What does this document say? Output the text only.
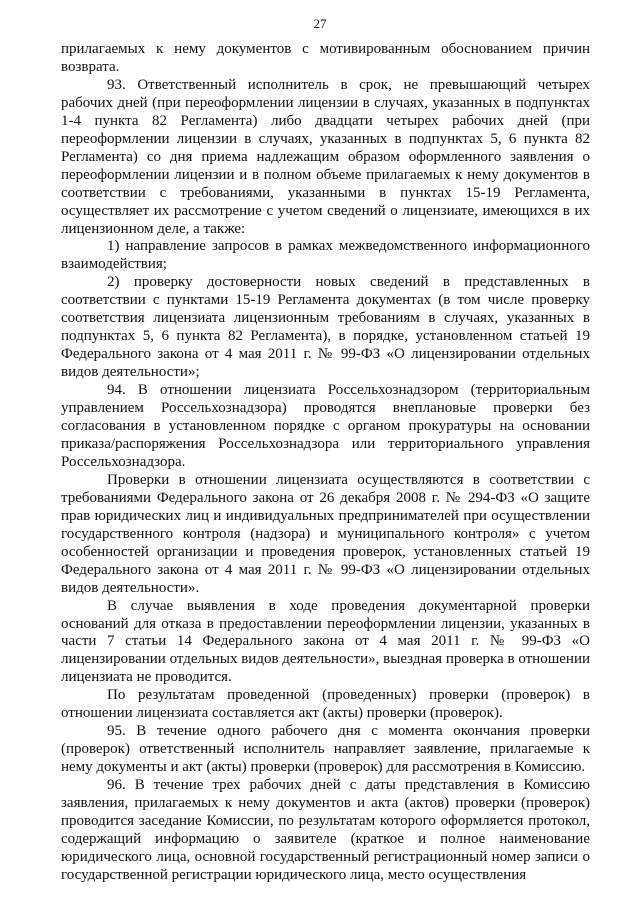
27

прилагаемых к нему документов с мотивированным обоснованием причин возврата.

93. Ответственный исполнитель в срок, не превышающий четырех рабочих дней (при переоформлении лицензии в случаях, указанных в подпунктах 1-4 пункта 82 Регламента) либо двадцати четырех рабочих дней (при переоформлении лицензии в случаях, указанных в подпунктах 5, 6 пункта 82 Регламента) со дня приема надлежащим образом оформленного заявления о переоформлении лицензии и в полном объеме прилагаемых к нему документов в соответствии с требованиями, указанными в пунктах 15-19 Регламента, осуществляет их рассмотрение с учетом сведений о лицензиате, имеющихся в их лицензионном деле, а также:

1) направление запросов в рамках межведомственного информационного взаимодействия;

2) проверку достоверности новых сведений в представленных в соответствии с пунктами 15-19 Регламента документах (в том числе проверку соответствия лицензиата лицензионным требованиям в случаях, указанных в подпунктах 5, 6 пункта 82 Регламента), в порядке, установленном статьей 19 Федерального закона от 4 мая 2011 г. № 99-ФЗ «О лицензировании отдельных видов деятельности»;

94. В отношении лицензиата Россельхознадзором (территориальным управлением Россельхознадзора) проводятся внеплановые проверки без согласования в установленном порядке с органом прокуратуры на основании приказа/распоряжения Россельхознадзора или территориального управления Россельхознадзора.

Проверки в отношении лицензиата осуществляются в соответствии с требованиями Федерального закона от 26 декабря 2008 г. № 294-ФЗ «О защите прав юридических лиц и индивидуальных предпринимателей при осуществлении государственного контроля (надзора) и муниципального контроля» с учетом особенностей организации и проведения проверок, установленных статьей 19 Федерального закона от 4 мая 2011 г. № 99-ФЗ «О лицензировании отдельных видов деятельности».

В случае выявления в ходе проведения документарной проверки оснований для отказа в предоставлении переоформлении лицензии, указанных в части 7 статьи 14 Федерального закона от 4 мая 2011 г. № 99-ФЗ «О лицензировании отдельных видов деятельности», выездная проверка в отношении лицензиата не проводится.

По результатам проведенной (проведенных) проверки (проверок) в отношении лицензиата составляется акт (акты) проверки (проверок).

95. В течение одного рабочего дня с момента окончания проверки (проверок) ответственный исполнитель направляет заявление, прилагаемые к нему документы и акт (акты) проверки (проверок) для рассмотрения в Комиссию.

96. В течение трех рабочих дней с даты представления в Комиссию заявления, прилагаемых к нему документов и акта (актов) проверки (проверок) проводится заседание Комиссии, по результатам которого оформляется протокол, содержащий информацию о заявителе (краткое и полное наименование юридического лица, основной государственный регистрационный номер записи о государственной регистрации юридического лица, место осуществления
